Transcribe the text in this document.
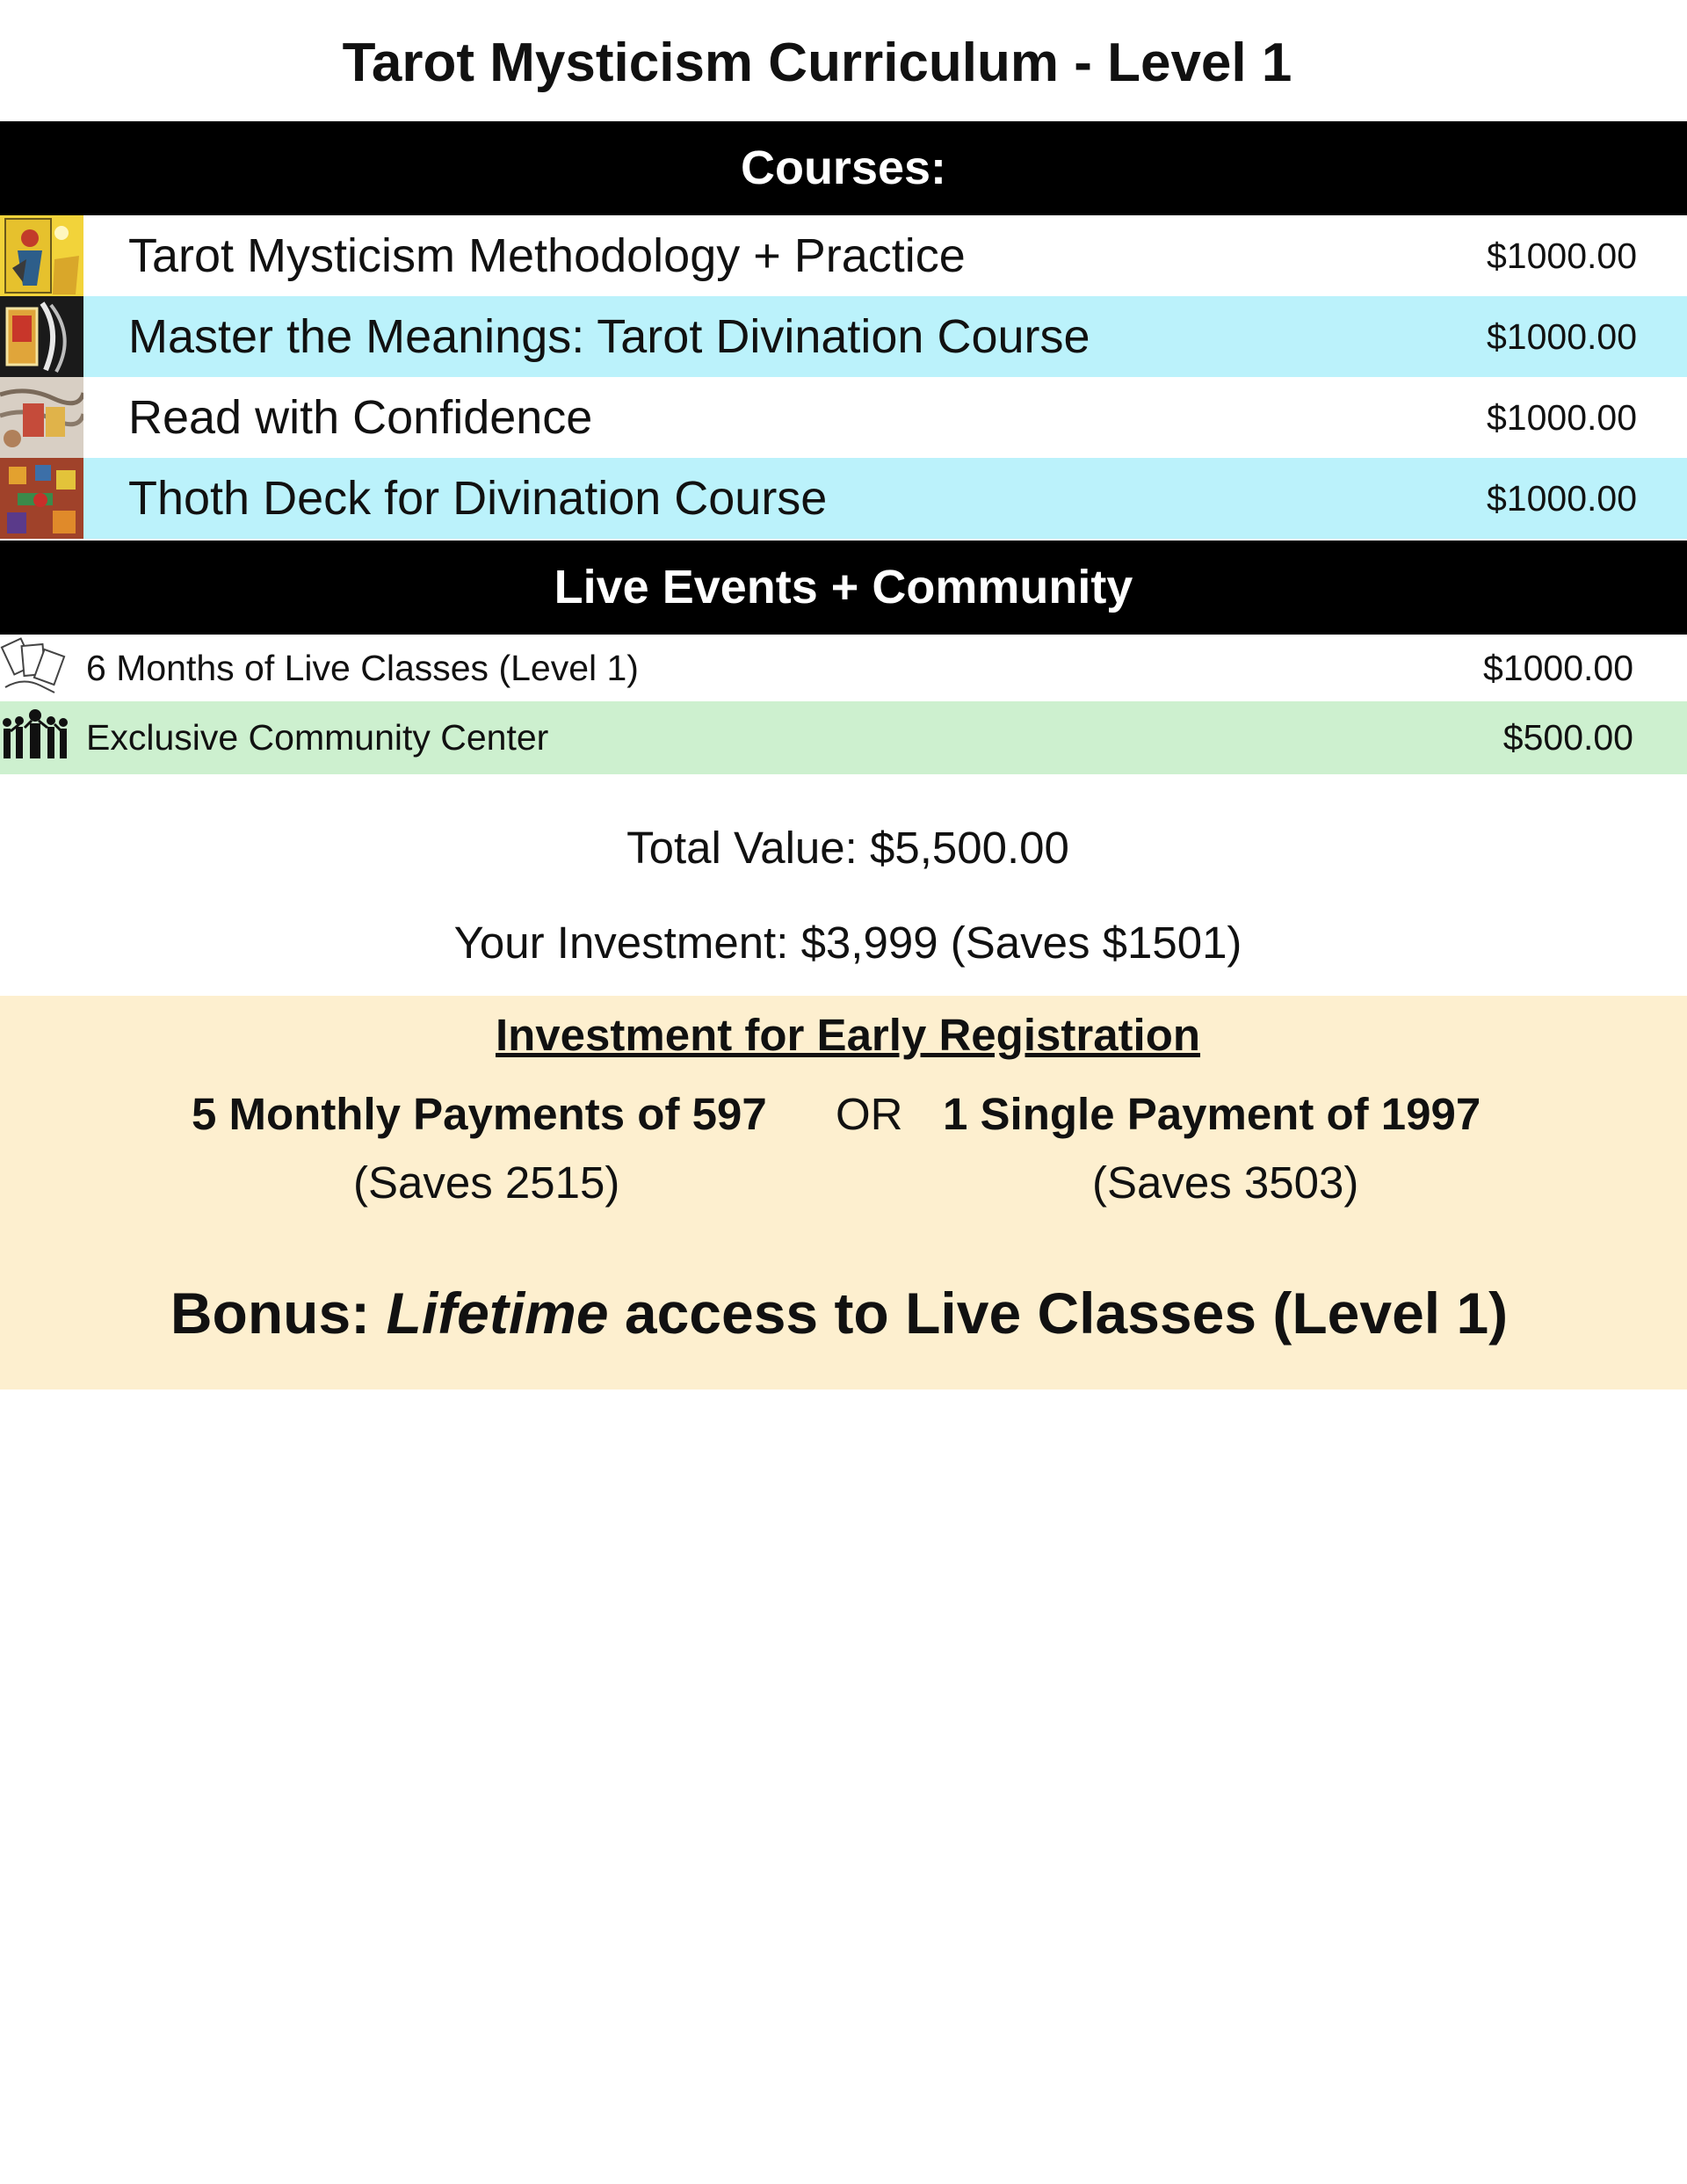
Tarot Mysticism Curriculum - Level 1
Courses:
Tarot Mysticism Methodology + Practice	$1000.00
Master the Meanings: Tarot Divination Course	$1000.00
Read with Confidence	$1000.00
Thoth Deck for Divination Course	$1000.00
Live Events + Community
6 Months of Live Classes (Level 1)	$1000.00
Exclusive Community Center	$500.00
Total Value: $5,500.00
Your Investment: $3,999 (Saves $1501)
Investment for Early Registration
5 Monthly Payments of 597 OR 1 Single Payment of 1997
(Saves 2515)	(Saves 3503)
Bonus: Lifetime access to Live Classes (Level 1)
